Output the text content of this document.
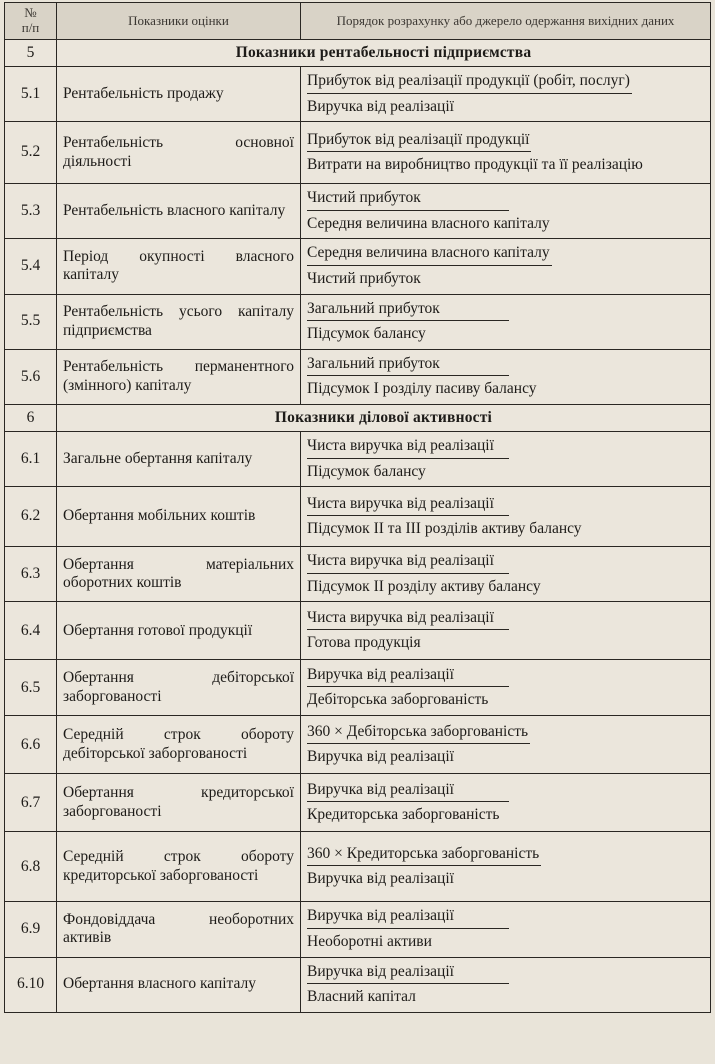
№
п/п	Показники оцінки	Порядок розрахунку або джерело одержання вихідних даних
5	Показники рентабельності підприємства	
5.1	Рентабельність продажу	Прибуток від реалізації продукції (робіт, послуг)
Виручка від реалізації

5.2	Рентабельність основної діяльності	Прибуток від реалізації продукції
Витрати на виробництво продукції та її реалізацію

5.3	Рентабельність власного капіталу	Чистий прибуток
Середня величина власного капіталу

5.4	Період окупності власного капіталу	Середня величина власного капіталу
Чистий прибуток

5.5	Рентабельність усього капіталу підприємства	Загальний прибуток
Підсумок балансу

5.6	Рентабельність перманентного (змінного) капіталу	Загальний прибуток
Підсумок І розділу пасиву балансу

6	Показники ділової активності	
6.1	Загальне обертання капіталу	Чиста виручка від реалізації
Підсумок балансу

6.2	Обертання мобільних коштів	Чиста виручка від реалізації
Підсумок II та III розділів активу балансу

6.3	Обертання матеріальних оборотних коштів	Чиста виручка від реалізації
Підсумок II розділу активу балансу

6.4	Обертання готової продукції	Чиста виручка від реалізації
Готова продукція

6.5	Обертання дебіторської заборгованості	Виручка від реалізації
Дебіторська заборгованість

6.6	Середній строк обороту дебіторської заборгованості	360 × Дебіторська заборгованість
Виручка від реалізації

6.7	Обертання кредиторської заборгованості	Виручка від реалізації
Кредиторська заборгованість

6.8	Середній строк обороту кредиторської заборгованості	360 × Кредиторська заборгованість
Виручка від реалізації

6.9	Фондовіддача необоротних активів	Виручка від реалізації
Необоротні активи

6.10	Обертання власного капіталу	Виручка від реалізації
Власний капітал
